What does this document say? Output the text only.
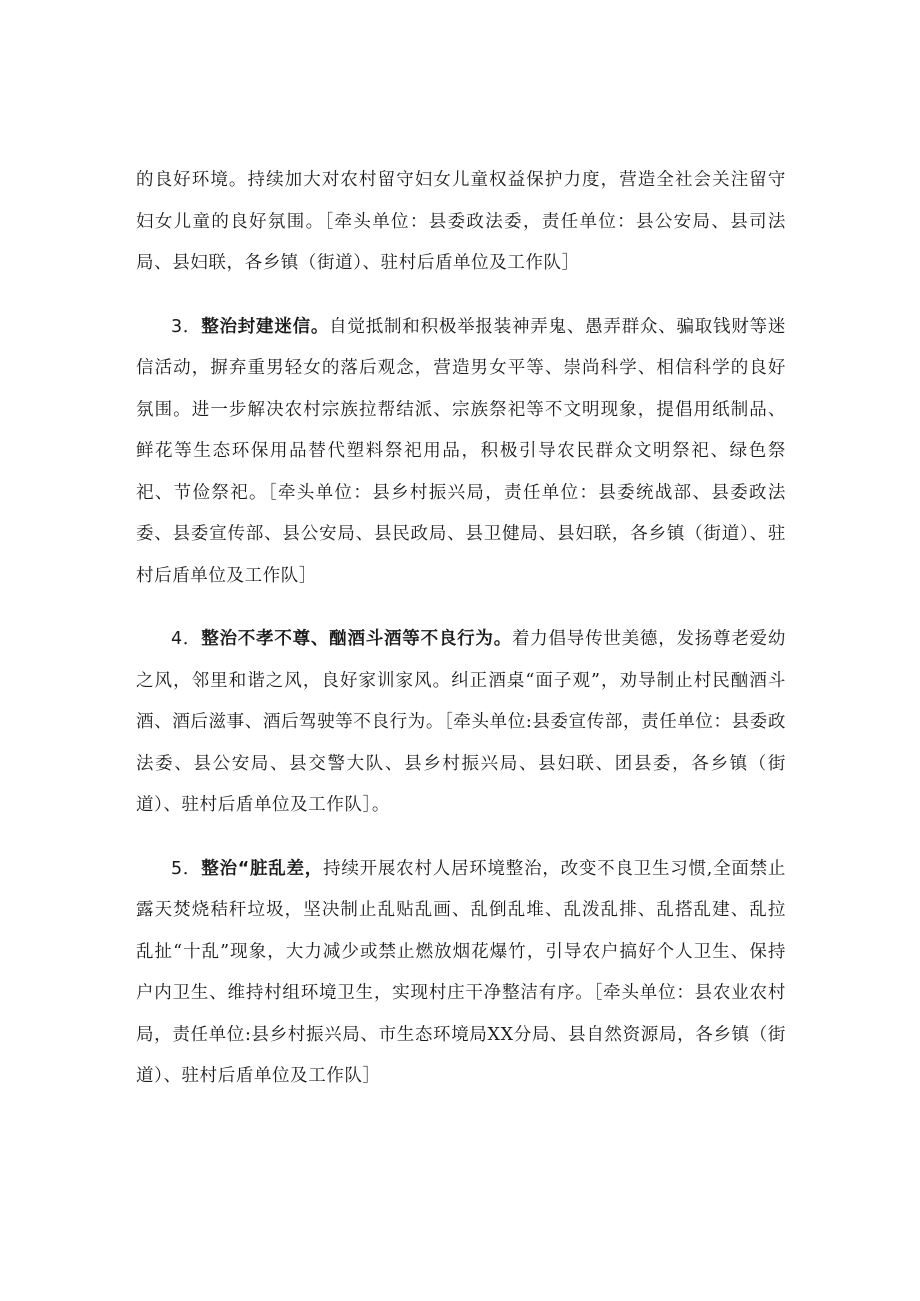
的良好环境。持续加大对农村留守妇女儿童权益保护力度，营造全社会关注留守妇女儿童的良好氛围。［牵头单位：县委政法委，责任单位：县公安局、县司法局、县妇联，各乡镇（街道）、驻村后盾单位及工作队］

3．整治封建迷信。自觉抵制和积极举报装神弄鬼、愚弄群众、骗取钱财等迷信活动，摒弃重男轻女的落后观念，营造男女平等、崇尚科学、相信科学的良好氛围。进一步解决农村宗族拉帮结派、宗族祭祀等不文明现象，提倡用纸制品、鲜花等生态环保用品替代塑料祭祀用品，积极引导农民群众文明祭祀、绿色祭祀、节俭祭祀。［牵头单位：县乡村振兴局，责任单位：县委统战部、县委政法委、县委宣传部、县公安局、县民政局、县卫健局、县妇联，各乡镇（街道）、驻村后盾单位及工作队］

4．整治不孝不尊、酗酒斗酒等不良行为。着力倡导传世美德，发扬尊老爱幼之风，邻里和谐之风，良好家训家风。纠正酒桌“面子观”，劝导制止村民酗酒斗酒、酒后滋事、酒后驾驶等不良行为。［牵头单位:县委宣传部，责任单位：县委政法委、县公安局、县交警大队、县乡村振兴局、县妇联、团县委，各乡镇（街道）、驻村后盾单位及工作队］。

5．整治“脏乱差，持续开展农村人居环境整治，改变不良卫生习惯,全面禁止露天焚烧秸秆垃圾，坚决制止乱贴乱画、乱倒乱堆、乱泼乱排、乱搭乱建、乱拉乱扯“十乱”现象，大力减少或禁止燃放烟花爆竹，引导农户搞好个人卫生、保持户内卫生、维持村组环境卫生，实现村庄干净整洁有序。［牵头单位：县农业农村局，责任单位:县乡村振兴局、市生态环境局XX分局、县自然资源局，各乡镇（街道）、驻村后盾单位及工作队］
